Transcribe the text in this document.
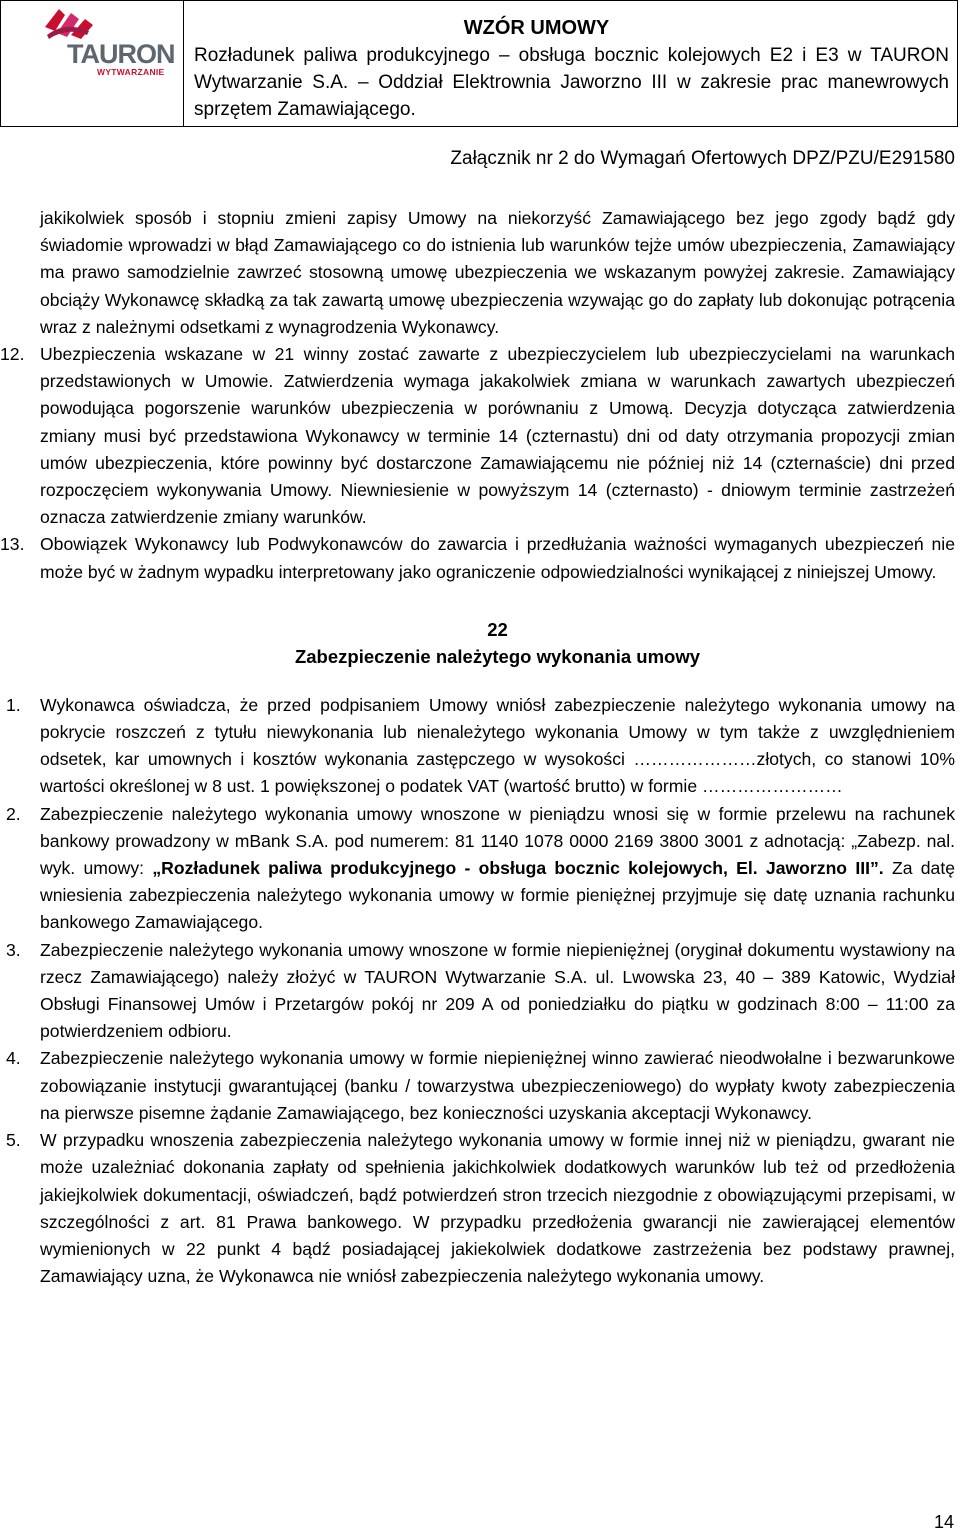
TAURON
WYTWARZANIE
WZÓR UMOWY
Rozładunek paliwa produkcyjnego – obsługa bocznic kolejowych E2 i E3 w TAURON Wytwarzanie S.A. – Oddział Elektrownia Jaworzno III w zakresie prac manewrowych sprzętem Zamawiającego.
Załącznik nr 2 do Wymagań Ofertowych DPZ/PZU/E291580

jakikolwiek sposób i stopniu zmieni zapisy Umowy na niekorzyść Zamawiającego bez jego zgody bądź gdy świadomie wprowadzi w błąd Zamawiającego co do istnienia lub warunków tejże umów ubezpieczenia, Zamawiający ma prawo samodzielnie zawrzeć stosowną umowę ubezpieczenia we wskazanym powyżej zakresie. Zamawiający obciąży Wykonawcę składką za tak zawartą umowę ubezpieczenia wzywając go do zapłaty lub dokonując potrącenia wraz z należnymi odsetkami z wynagrodzenia Wykonawcy.

12. Ubezpieczenia wskazane w 21 winny zostać zawarte z ubezpieczycielem lub ubezpieczycielami na warunkach przedstawionych w Umowie. Zatwierdzenia wymaga jakakolwiek zmiana w warunkach zawartych ubezpieczeń powodująca pogorszenie warunków ubezpieczenia w porównaniu z Umową. Decyzja dotycząca zatwierdzenia zmiany musi być przedstawiona Wykonawcy w terminie 14 (czternastu) dni od daty otrzymania propozycji zmian umów ubezpieczenia, które powinny być dostarczone Zamawiającemu nie później niż 14 (czternaście) dni przed rozpoczęciem wykonywania Umowy. Niewniesienie w powyższym 14 (czternasto) - dniowym terminie zastrzeżeń oznacza zatwierdzenie zmiany warunków.
13. Obowiązek Wykonawcy lub Podwykonawców do zawarcia i przedłużania ważności wymaganych ubezpieczeń nie może być w żadnym wypadku interpretowany jako ograniczenie odpowiedzialności wynikającej z niniejszej Umowy.
22
Zabezpieczenie należytego wykonania umowy
1. Wykonawca oświadcza, że przed podpisaniem Umowy wniósł zabezpieczenie należytego wykonania umowy na pokrycie roszczeń z tytułu niewykonania lub nienależytego wykonania Umowy w tym także z uwzględnieniem odsetek, kar umownych i kosztów wykonania zastępczego w wysokości …………………złotych, co stanowi 10% wartości określonej w 8 ust. 1 powiększonej o podatek VAT (wartość brutto) w formie ……………………
2. Zabezpieczenie należytego wykonania umowy wnoszone w pieniądzu wnosi się w formie przelewu na rachunek bankowy prowadzony w mBank S.A. pod numerem: 81 1140 1078 0000 2169 3800 3001 z adnotacją: „Zabezp. nal. wyk. umowy: „Rozładunek paliwa produkcyjnego - obsługa bocznic kolejowych, El. Jaworzno III”. Za datę wniesienia zabezpieczenia należytego wykonania umowy w formie pieniężnej przyjmuje się datę uznania rachunku bankowego Zamawiającego.
3. Zabezpieczenie należytego wykonania umowy wnoszone w formie niepieniężnej (oryginał dokumentu wystawiony na rzecz Zamawiającego) należy złożyć w TAURON Wytwarzanie S.A. ul. Lwowska 23, 40 – 389 Katowic, Wydział Obsługi Finansowej Umów i Przetargów pokój nr 209 A od poniedziałku do piątku w godzinach 8:00 – 11:00 za potwierdzeniem odbioru.
4. Zabezpieczenie należytego wykonania umowy w formie niepieniężnej winno zawierać nieodwołalne i bezwarunkowe zobowiązanie instytucji gwarantującej (banku / towarzystwa ubezpieczeniowego) do wypłaty kwoty zabezpieczenia na pierwsze pisemne żądanie Zamawiającego, bez konieczności uzyskania akceptacji Wykonawcy.
5. W przypadku wnoszenia zabezpieczenia należytego wykonania umowy w formie innej niż w pieniądzu, gwarant nie może uzależniać dokonania zapłaty od spełnienia jakichkolwiek dodatkowych warunków lub też od przedłożenia jakiejkolwiek dokumentacji, oświadczeń, bądź potwierdzeń stron trzecich niezgodnie z obowiązującymi przepisami, w szczególności z art. 81 Prawa bankowego. W przypadku przedłożenia gwarancji nie zawierającej elementów wymienionych w 22 punkt 4 bądź posiadającej jakiekolwiek dodatkowe zastrzeżenia bez podstawy prawnej, Zamawiający uzna, że Wykonawca nie wniósł zabezpieczenia należytego wykonania umowy.
14
